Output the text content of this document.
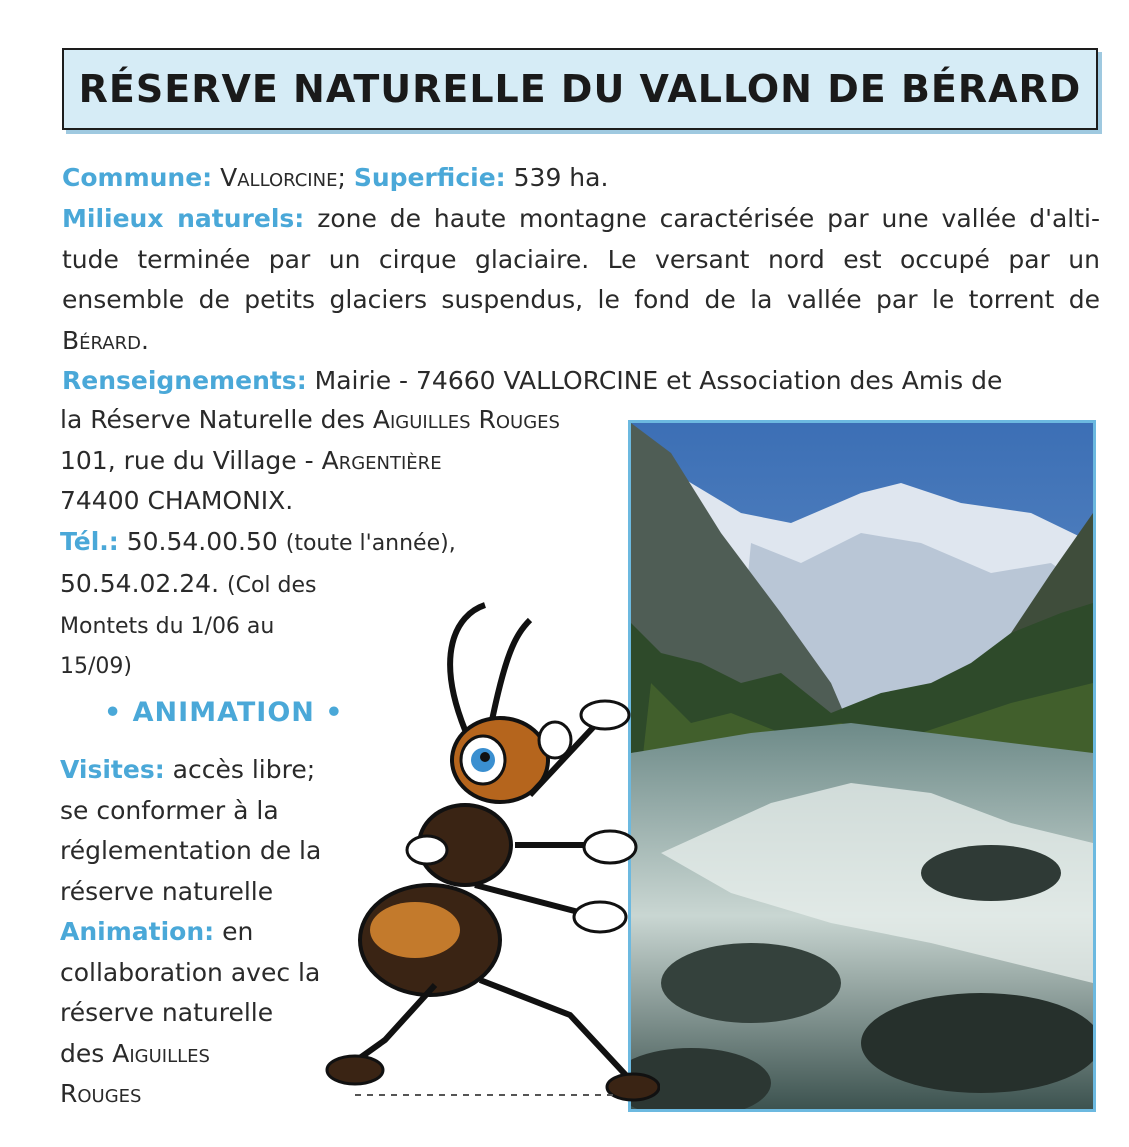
RÉSERVE NATURELLE DU VALLON DE BÉRARD
Commune: Vallorcine; Superficie: 539 ha.
Milieux naturels: zone de haute montagne caractérisée par une vallée d'alti-tude terminée par un cirque glaciaire. Le versant nord est occupé par un ensemble de petits glaciers suspendus, le fond de la vallée par le torrent de Bérard.
Renseignements: Mairie - 74660 VALLORCINE et Association des Amis de
la Réserve Naturelle des Aiguilles Rouges
101, rue du Village - Argentière
74400 CHAMONIX.
Tél.: 50.54.00.50 (toute l'année),
50.54.02.24. (Col des
Montets du 1/06 au
15/09)
• ANIMATION •
Visites: accès libre;
se conformer à la
réglementation de la
réserve naturelle
Animation: en
collaboration avec la
réserve naturelle
des Aiguilles
Rouges
